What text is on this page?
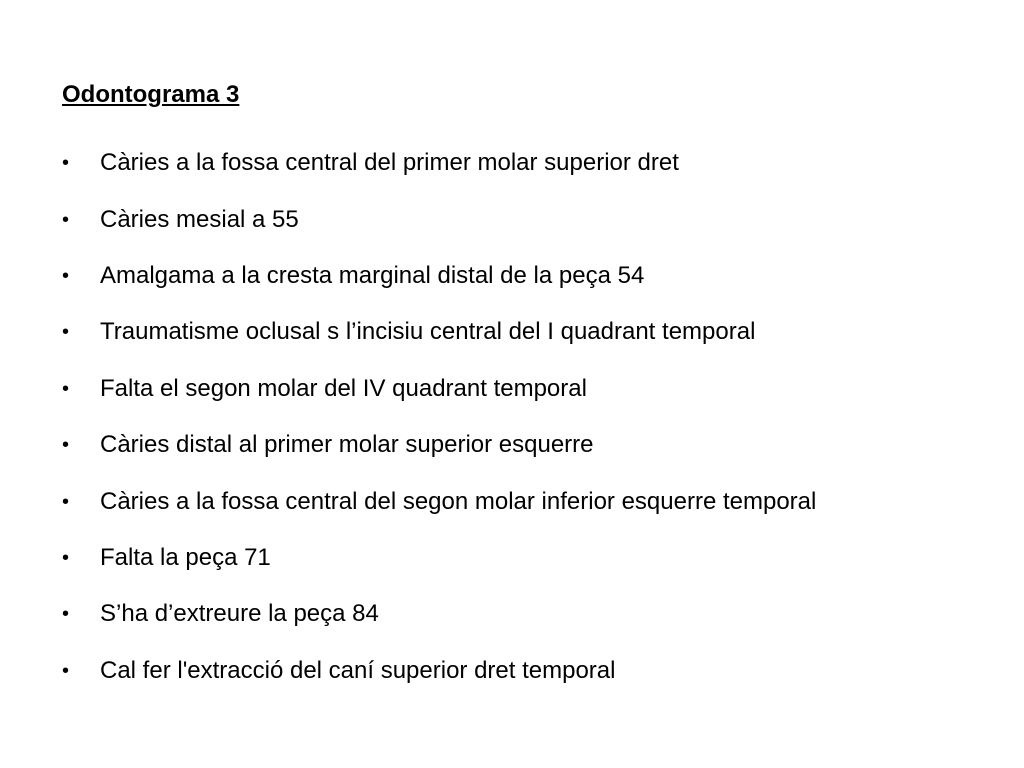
Odontograma 3
•	Càries a la fossa central del primer molar superior dret
•	Càries mesial a 55
•	Amalgama a la cresta marginal distal de la peça 54
•	Traumatisme oclusal s l’incisiu central del I quadrant temporal
•	Falta el segon molar del IV quadrant temporal
•	Càries distal al primer molar superior esquerre
•	Càries a la fossa central del segon molar inferior esquerre temporal
•	Falta la peça 71
•	S’ha d’extreure la peça 84
•	Cal fer l'extracció del caní superior dret temporal
